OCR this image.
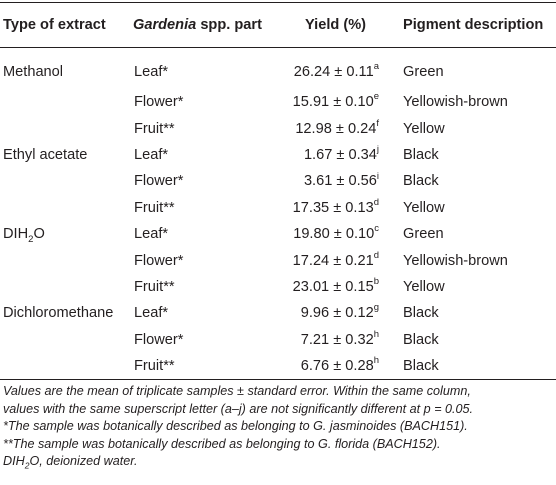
Type of extract	Gardenia spp. part	Yield (%)	Pigment description
Methanol	Leaf*	26.24 ± 0.11$^a$	Green
	Flower*	15.91 ± 0.10$^e$	Yellowish-brown
	Fruit**	12.98 ± 0.24$^f$	Yellow
Ethyl acetate	Leaf*	$1.67 \pm 0.34^j$	Black
	Flower*	$3.61 \pm 0.56^i$	Black
	Fruit**	17.35 ± 0.13$^d$	Yellow
$DIH_2O$	Leaf*	19.80 ± 0.10$^c$	Green
	Flower*	17.24 ± 0.21$^d$	Yellowish-brown
	Fruit**	23.01 ± 0.15$^b$	Yellow
Dichloromethane	Leaf*	9.96 ± 0.12$^g$	Black
	Flower*	7.21 ± 0.32$^h$	Black
	Fruit**	6.76 ± 0.28$^h$	Black

Values are the mean of triplicate samples ± standard error. Within the same column,

values with the same superscript letter (a–j) are not significantly different at p = 0.05.

*The sample was botanically described as belonging to G. jasminoides (BACH151).

**The sample was botanically described as belonging to G. florida (BACH152).

$DIH_2O$, deionized water.
